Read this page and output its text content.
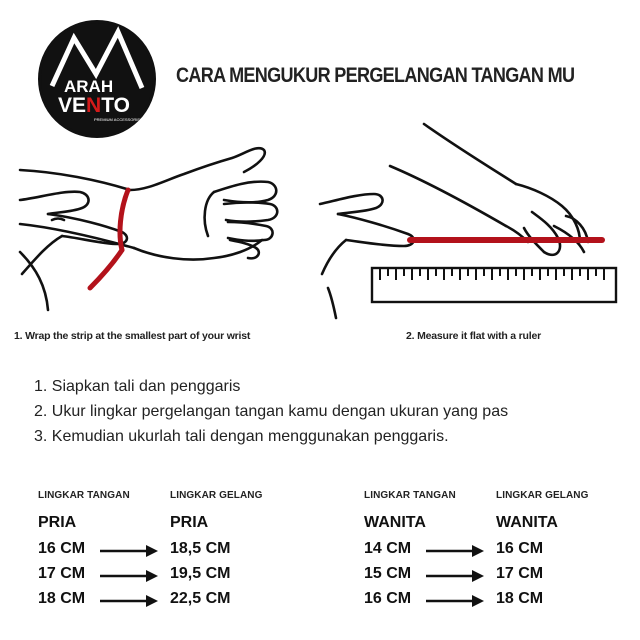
ARAH
VENTO
PREMIUM ACCESSORIES
CARA MENGUKUR PERGELANGAN TANGAN MU
1. Wrap the strip at the smallest part of your wrist	2. Measure it flat with a ruler
1. Siapkan tali dan penggaris
2. Ukur lingkar pergelangan tangan kamu dengan ukuran yang pas
3. Kemudian ukurlah tali dengan menggunakan penggaris.
LINGKAR TANGAN	LINGKAR GELANG
PRIA	PRIA
16 CM	18,5 CM
17 CM	19,5 CM
18 CM	22,5 CM
LINGKAR TANGAN	LINGKAR GELANG
WANITA	WANITA
14 CM	16 CM
15 CM	17 CM
16 CM	18 CM
